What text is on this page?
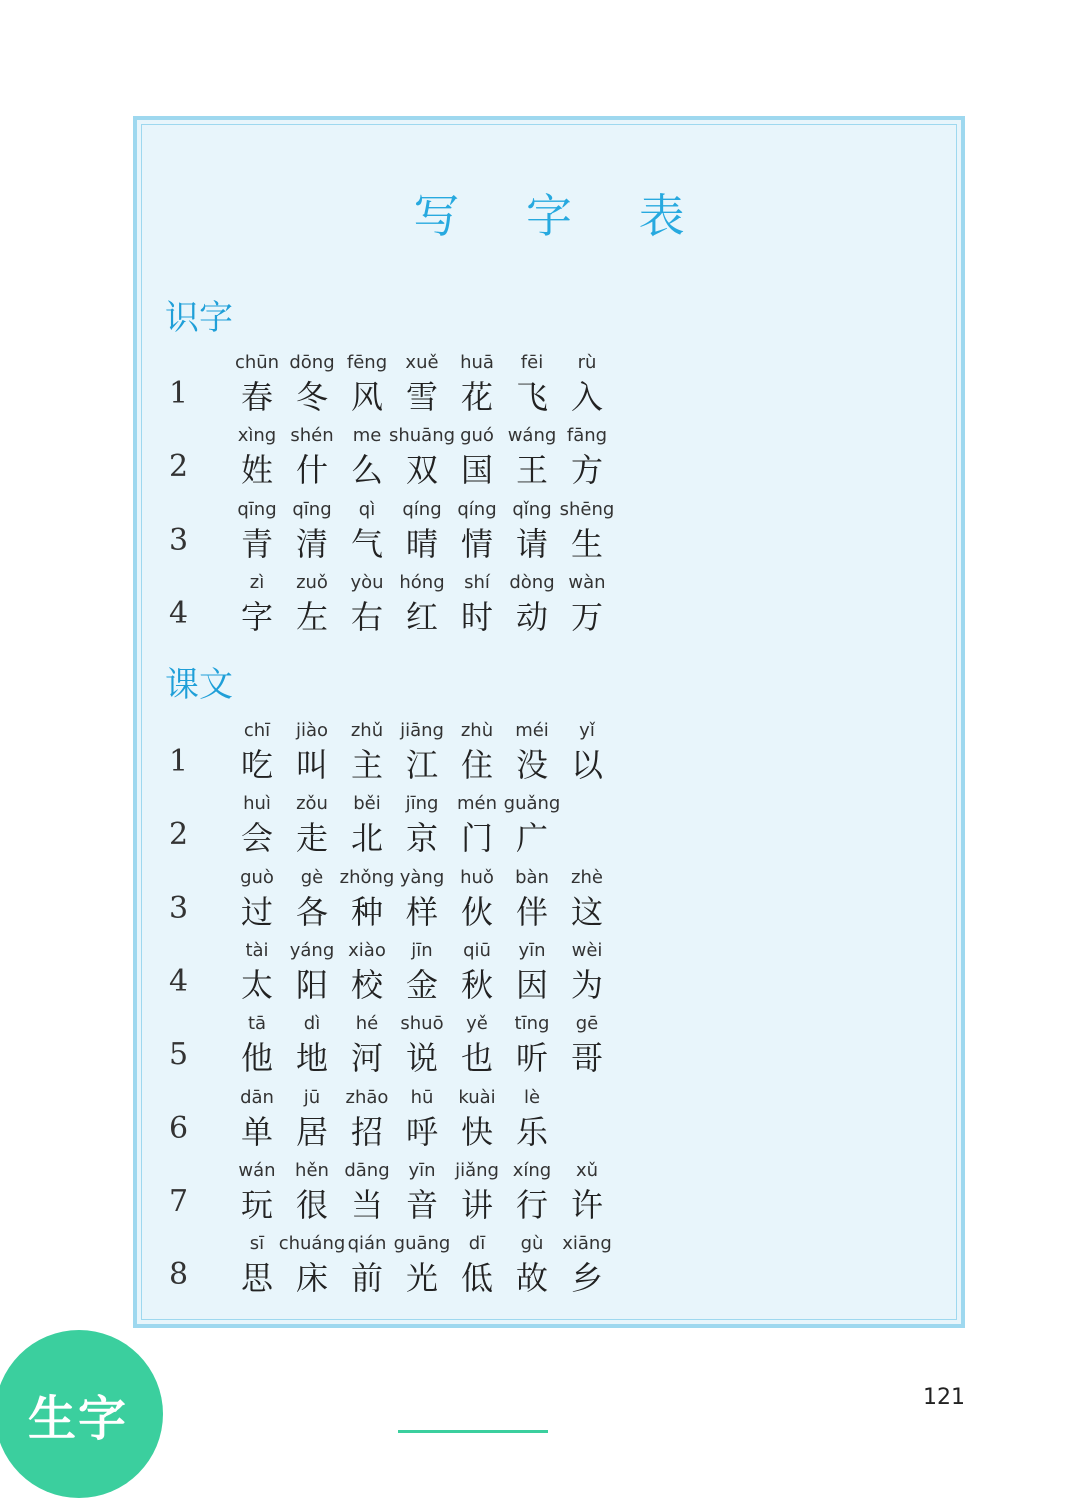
写 字 表
识字
1
chūn
春
dōng
冬
fēng
风
xuě
雪
huā
花
fēi
飞
rù
入
2
xìng
姓
shén
什
me
么
shuāng
双
guó
国
wáng
王
fāng
方
3
qīng
青
qīng
清
qì
气
qíng
晴
qíng
情
qǐng
请
shēng
生
4
zì
字
zuǒ
左
yòu
右
hóng
红
shí
时
dòng
动
wàn
万
课文
1
chī
吃
jiào
叫
zhǔ
主
jiāng
江
zhù
住
méi
没
yǐ
以
2
huì
会
zǒu
走
běi
北
jīng
京
mén
门
guǎng
广
3
guò
过
gè
各
zhǒng
种
yàng
样
huǒ
伙
bàn
伴
zhè
这
4
tài
太
yáng
阳
xiào
校
jīn
金
qiū
秋
yīn
因
wèi
为
5
tā
他
dì
地
hé
河
shuō
说
yě
也
tīng
听
gē
哥
6
dān
单
jū
居
zhāo
招
hū
呼
kuài
快
lè
乐
7
wán
玩
hěn
很
dāng
当
yīn
音
jiǎng
讲
xíng
行
xǔ
许
8
sī
思
chuáng
床
qián
前
guāng
光
dī
低
gù
故
xiāng
乡
生字	121
